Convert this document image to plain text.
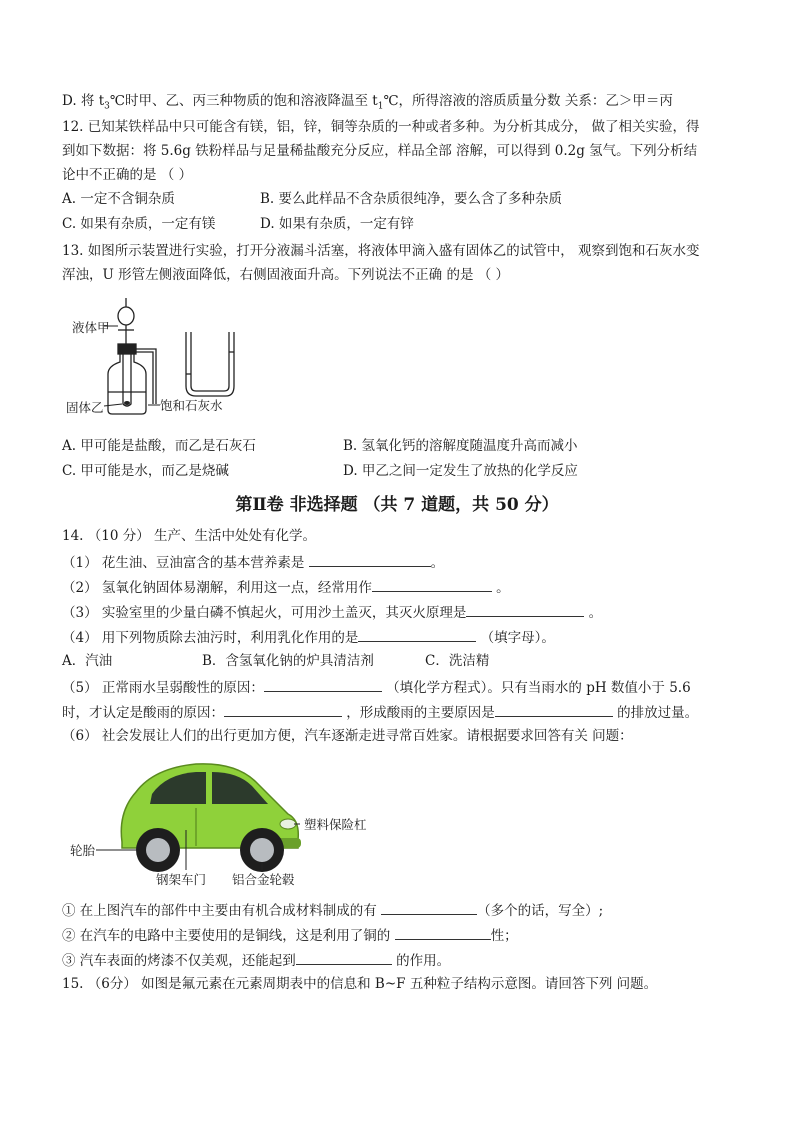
D. 将 $t_3℃$时甲、乙、丙三种物质的饱和溶液降温至 $t_1℃$，所得溶液的溶质质量分数 关系：乙＞甲＝丙
12. 已知某铁样品中只可能含有镁，铝，锌，铜等杂质的一种或者多种。为分析其成分， 做了相关实验，得
到如下数据：将 5.6g 铁粉样品与足量稀盐酸充分反应，样品全部 溶解，可以得到 0.2g 氢气。下列分析结
论中不正确的是 （ ）
A. 一定不含铜杂质	B. 要么此样品不含杂质很纯净，要么含了多种杂质
C. 如果有杂质，一定有镁	D. 如果有杂质，一定有锌
13. 如图所示装置进行实验，打开分液漏斗活塞，将液体甲滴入盛有固体乙的试管中， 观察到饱和石灰水变
浑浊，U 形管左侧液面降低，右侧固液面升高。下列说法不正确 的是 （ ）
液体甲
固体乙	饱和石灰水
A. 甲可能是盐酸，而乙是石灰石	B. 氢氧化钙的溶解度随温度升高而减小
C. 甲可能是水，而乙是烧碱	D. 甲乙之间一定发生了放热的化学反应
第Ⅱ卷 非选择题 （共 7 道题，共 50 分）
14. （10 分） 生产、生活中处处有化学。
（1） 花生油、豆油富含的基本营养素是	。
（2） 氢氧化钠固体易潮解，利用这一点，经常用作	。
（3） 实验室里的少量白磷不慎起火，可用沙土盖灭，其灭火原理是	。
（4） 用下列物质除去油污时，利用乳化作用的是	（填字母）。
A．汽油	B．含氢氧化钠的炉具清洁剂	C．洗洁精
（5） 正常雨水呈弱酸性的原因：	（填化学方程式）。只有当雨水的 pH 数值小于 5.6
时，才认定是酸雨的原因：	，形成酸雨的主要原因是	的排放过量。
（6） 社会发展让人们的出行更加方便，汽车逐渐走进寻常百姓家。请根据要求回答有关 问题：
轮胎
塑料保险杠
钢架车门 铝合金轮毂
① 在上图汽车的部件中主要由有机合成材料制成的有	（多个的话，写全）;
② 在汽车的电路中主要使用的是铜线，这是利用了铜的	性；
③ 汽车表面的烤漆不仅美观，还能起到	的作用。
15. （6分） 如图是氟元素在元素周期表中的信息和 B~F 五种粒子结构示意图。请回答下列 问题。
